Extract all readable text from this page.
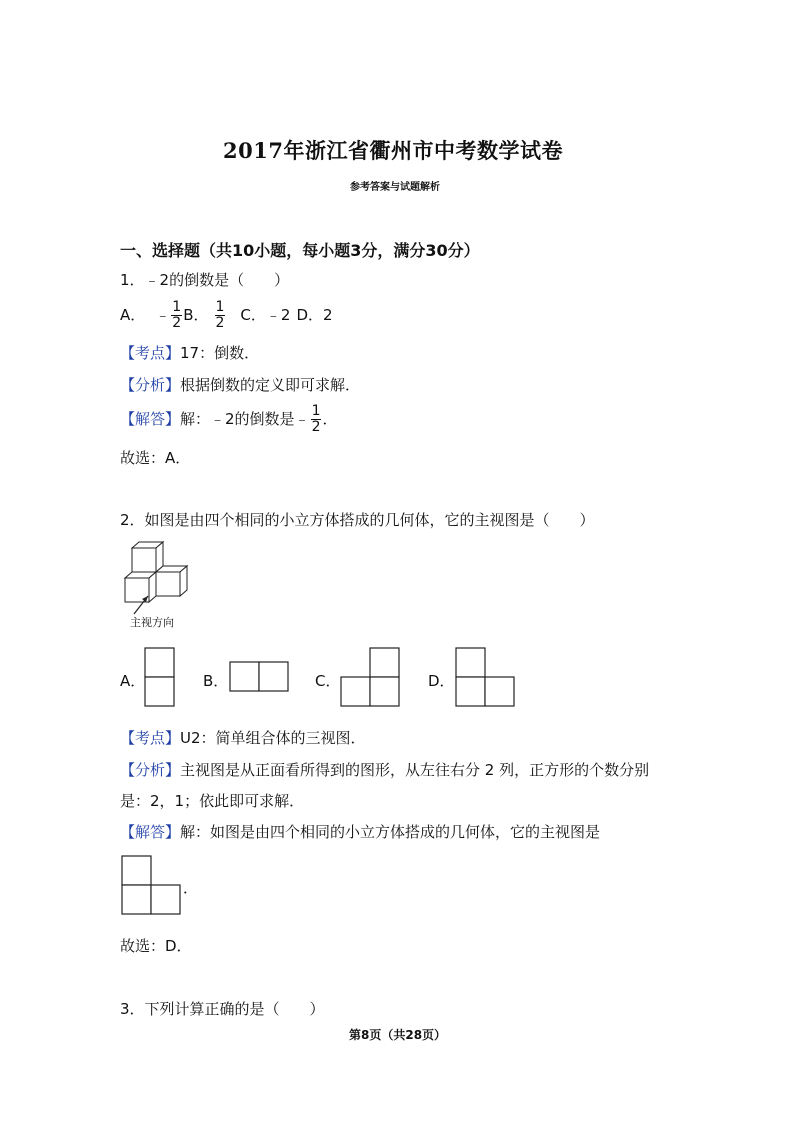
2017年浙江省衢州市中考数学试卷
参考答案与试题解析
一、选择题（共10小题，每小题3分，满分30分）
1．﹣2的倒数是（　　）
A． ﹣ $\frac{1}{2}$ B． $\frac{1}{2}$ C．﹣2 D．2
【考点】17：倒数．
【分析】根据倒数的定义即可求解．
【解答】解：﹣2的倒数是﹣ $\frac{1}{2}$ ．
故选：A．
2．如图是由四个相同的小立方体搭成的几何体，它的主视图是（　　）
主视方向
A．	B．	C．	D．
【考点】U2：简单组合体的三视图．
【分析】主视图是从正面看所得到的图形，从左往右分 2 列，正方形的个数分别
是：2，1；依此即可求解．
【解答】解：如图是由四个相同的小立方体搭成的几何体，它的主视图是
．
故选：D．
3．下列计算正确的是（　　）
第8页（共28页）
